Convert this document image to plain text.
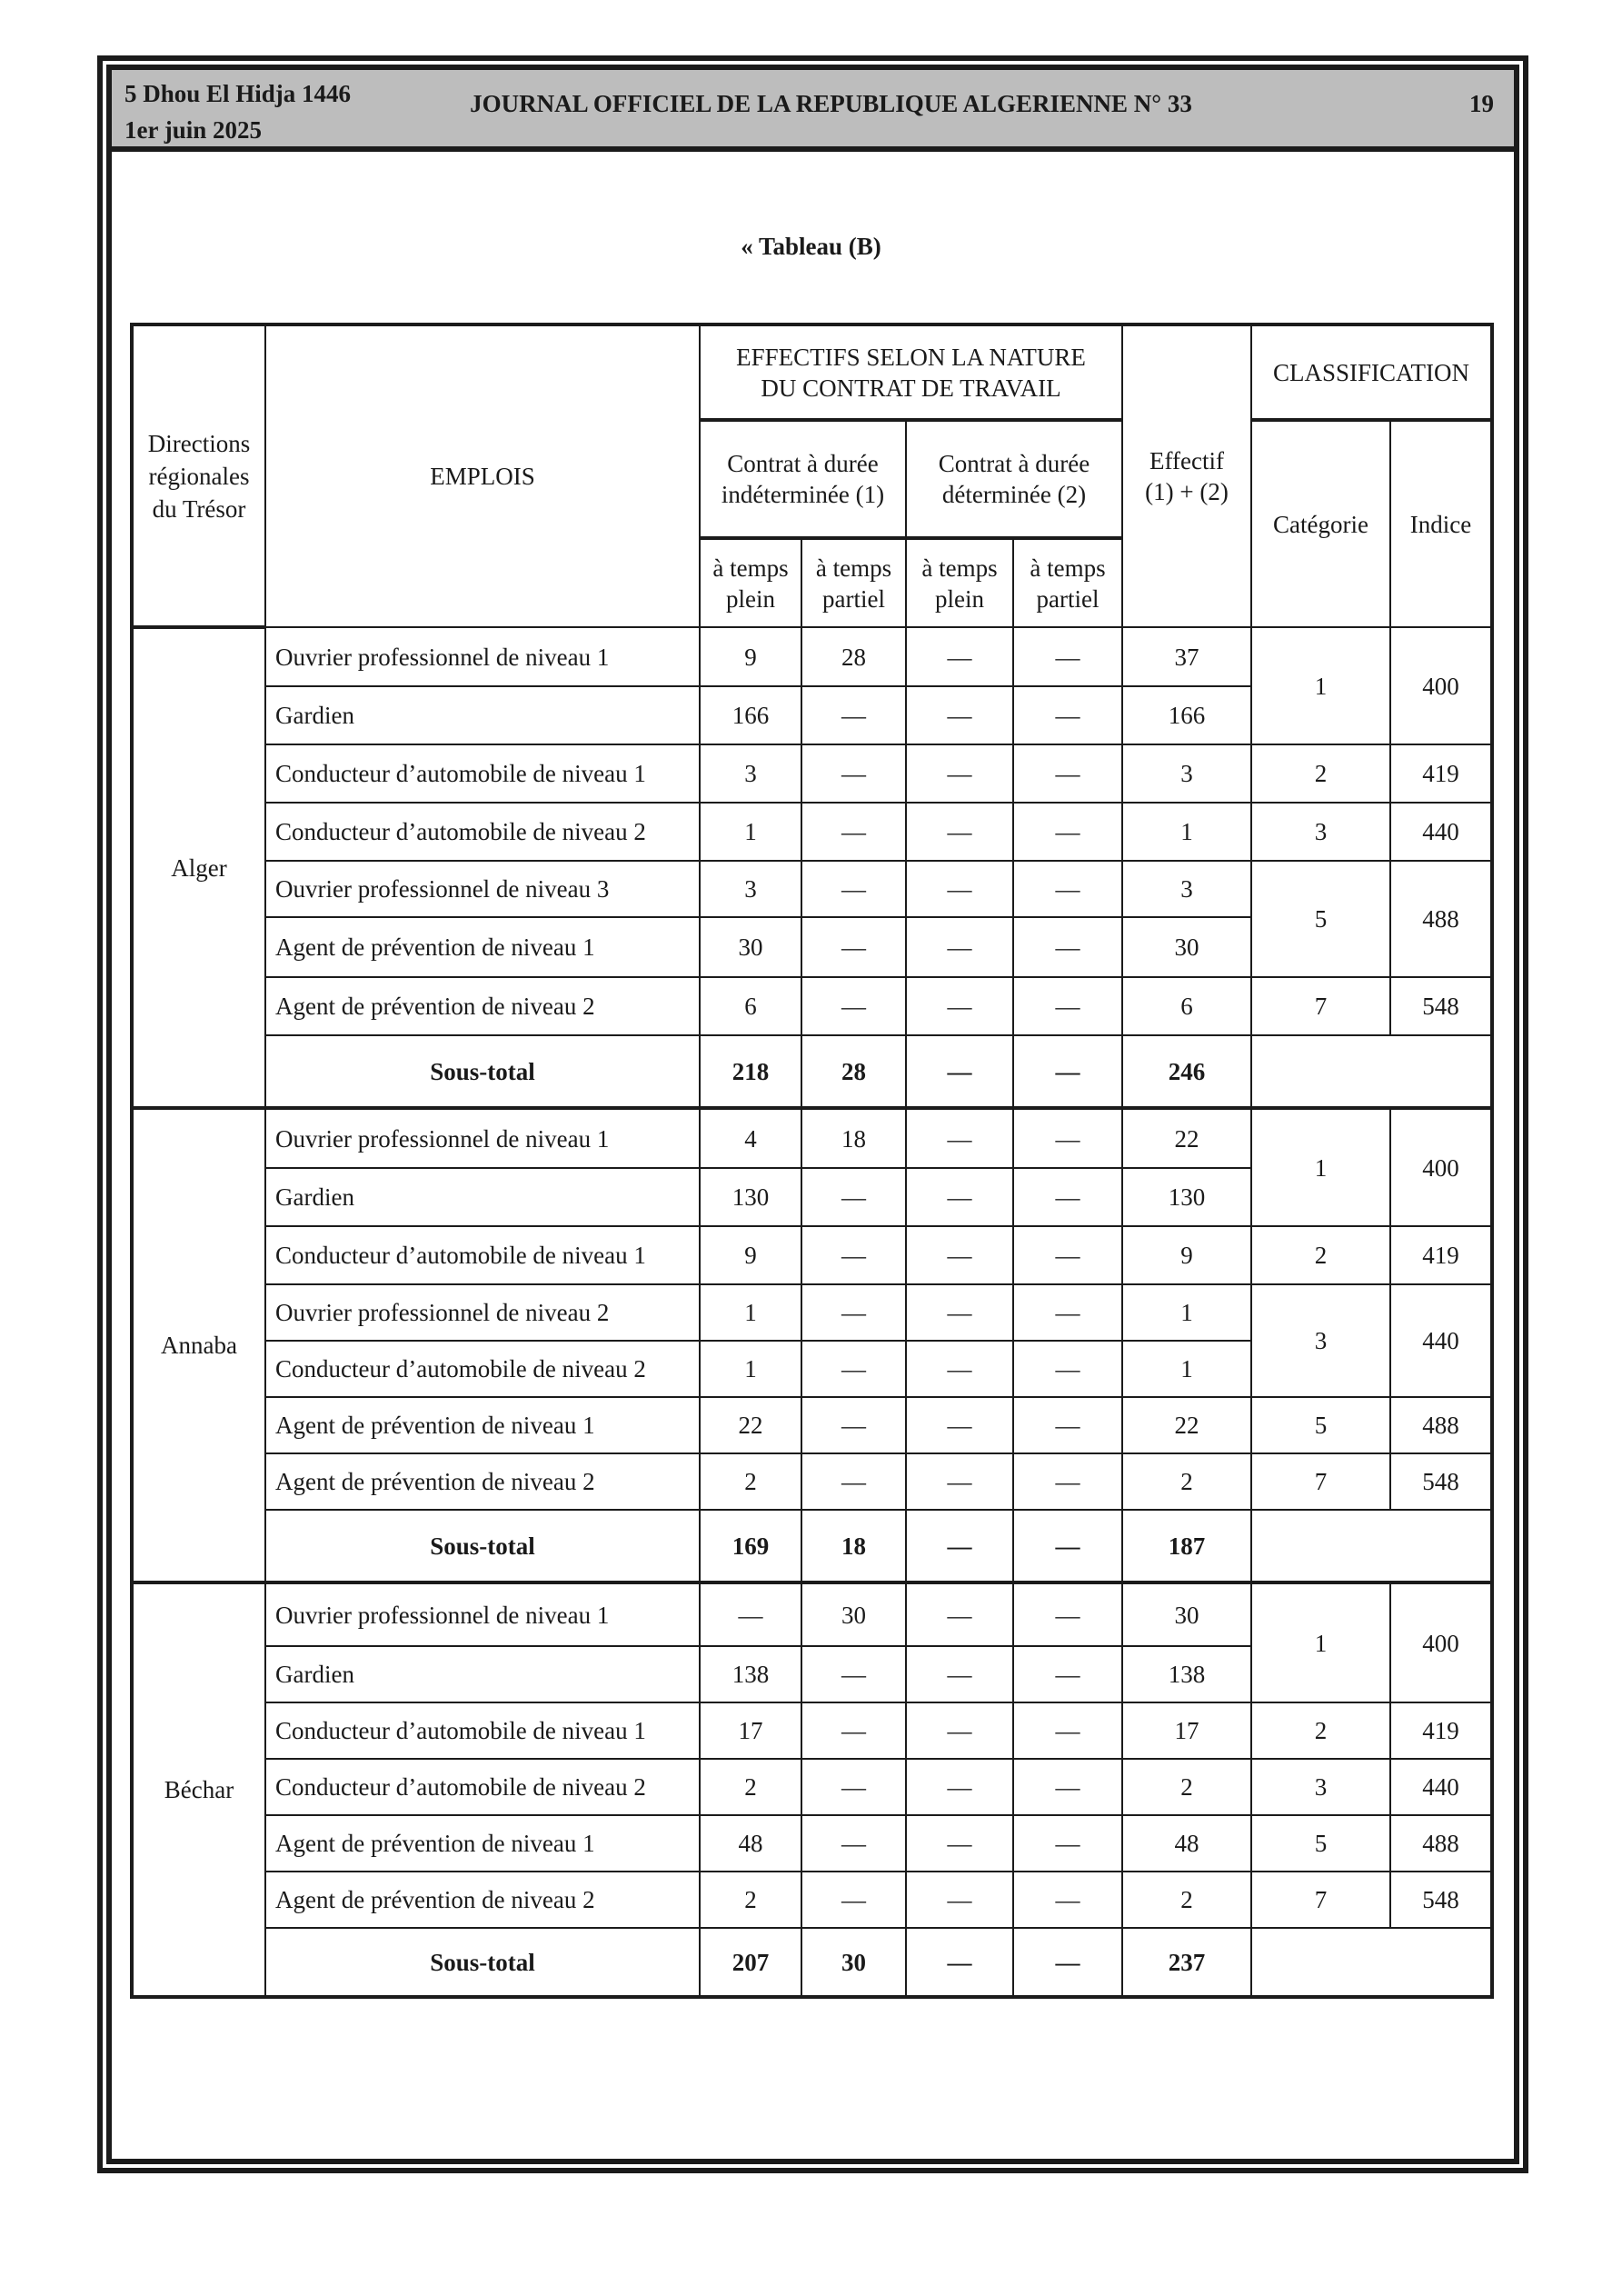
5 Dhou El Hidja 1446
1er juin 2025
JOURNAL OFFICIEL DE LA REPUBLIQUE ALGERIENNE N° 33	19
« Tableau (B)
Directions régionales du Trésor	EMPLOIS	EFFECTIFS SELON LA NATURE DU CONTRAT DE TRAVAIL				Effectif (1) + (2)	CLASSIFICATION	
		Contrat à durée indéterminée (1)		Contrat à durée déterminée (2)			Catégorie	Indice
		à temps plein	à temps partiel	à temps plein	à temps partiel			
Alger	Ouvrier professionnel de niveau 1	9	28	—	—	37	1	400
	Gardien	166	—	—	—	166		
	Conducteur d’automobile de niveau 1	3	—	—	—	3	2	419
	Conducteur d’automobile de niveau 2	1	—	—	—	1	3	440
	Ouvrier professionnel de niveau 3	3	—	—	—	3	5	488
	Agent de prévention de niveau 1	30	—	—	—	30		
	Agent de prévention de niveau 2	6	—	—	—	6	7	548
	Sous-total	218	28	—	—	246		
Annaba	Ouvrier professionnel de niveau 1	4	18	—	—	22	1	400
	Gardien	130	—	—	—	130		
	Conducteur d’automobile de niveau 1	9	—	—	—	9	2	419
	Ouvrier professionnel de niveau 2	1	—	—	—	1	3	440
	Conducteur d’automobile de niveau 2	1	—	—	—	1		
	Agent de prévention de niveau 1	22	—	—	—	22	5	488
	Agent de prévention de niveau 2	2	—	—	—	2	7	548
	Sous-total	169	18	—	—	187		
Béchar	Ouvrier professionnel de niveau 1	—	30	—	—	30	1	400
	Gardien	138	—	—	—	138		
	Conducteur d’automobile de niveau 1	17	—	—	—	17	2	419
	Conducteur d’automobile de niveau 2	2	—	—	—	2	3	440
	Agent de prévention de niveau 1	48	—	—	—	48	5	488
	Agent de prévention de niveau 2	2	—	—	—	2	7	548
	Sous-total	207	30	—	—	237		
